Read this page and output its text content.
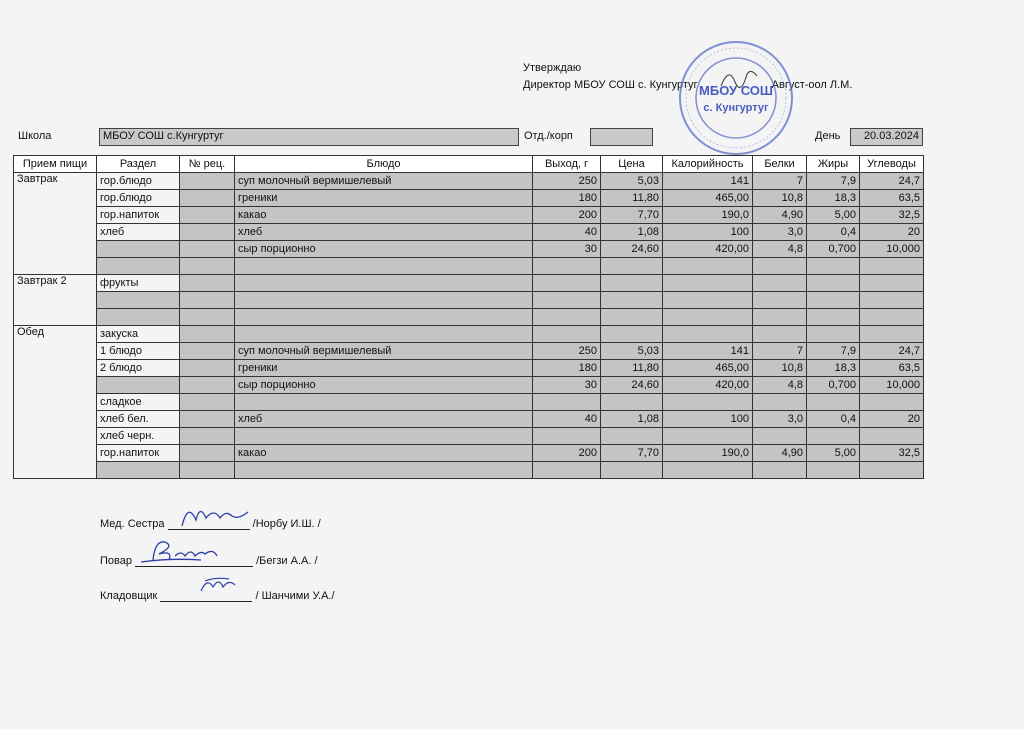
Утверждаю
Директор МБОУ СОШ с. Кунгуртуг	Август-оол Л.М.
МБОУ СОШ
с. Кунгуртуг
Школа	МБОУ СОШ с.Кунгуртуг	Отд./корп	День	20.03.2024
Прием пищи	Раздел	№ рец.	Блюдо	Выход, г	Цена	Калорийность	Белки	Жиры	Углеводы
Завтрак	гор.блюдо		суп молочный вермишелевый	250	5,03	141	7	7,9	24,7
	гор.блюдо		греники	180	11,80	465,00	10,8	18,3	63,5
	гор.напиток		какао	200	7,70	190,0	4,90	5,00	32,5
	хлеб		хлеб	40	1,08	100	3,0	0,4	20
			сыр порционно	30	24,60	420,00	4,8	0,700	10,000

Завтрак 2	фрукты								

Обед	закуска								
	1 блюдо		суп молочный вермишелевый	250	5,03	141	7	7,9	24,7
	2 блюдо		греники	180	11,80	465,00	10,8	18,3	63,5
			сыр порционно	30	24,60	420,00	4,8	0,700	10,000
	сладкое								
	хлеб бел.		хлеб	40	1,08	100	3,0	0,4	20
	хлеб черн.								
	гор.напиток		какао	200	7,70	190,0	4,90	5,00	32,5

Мед. Сестра	/Норбу И.Ш. /
Повар	/Бегзи А.А. /
Кладовщик	/ Шанчими У.А./
